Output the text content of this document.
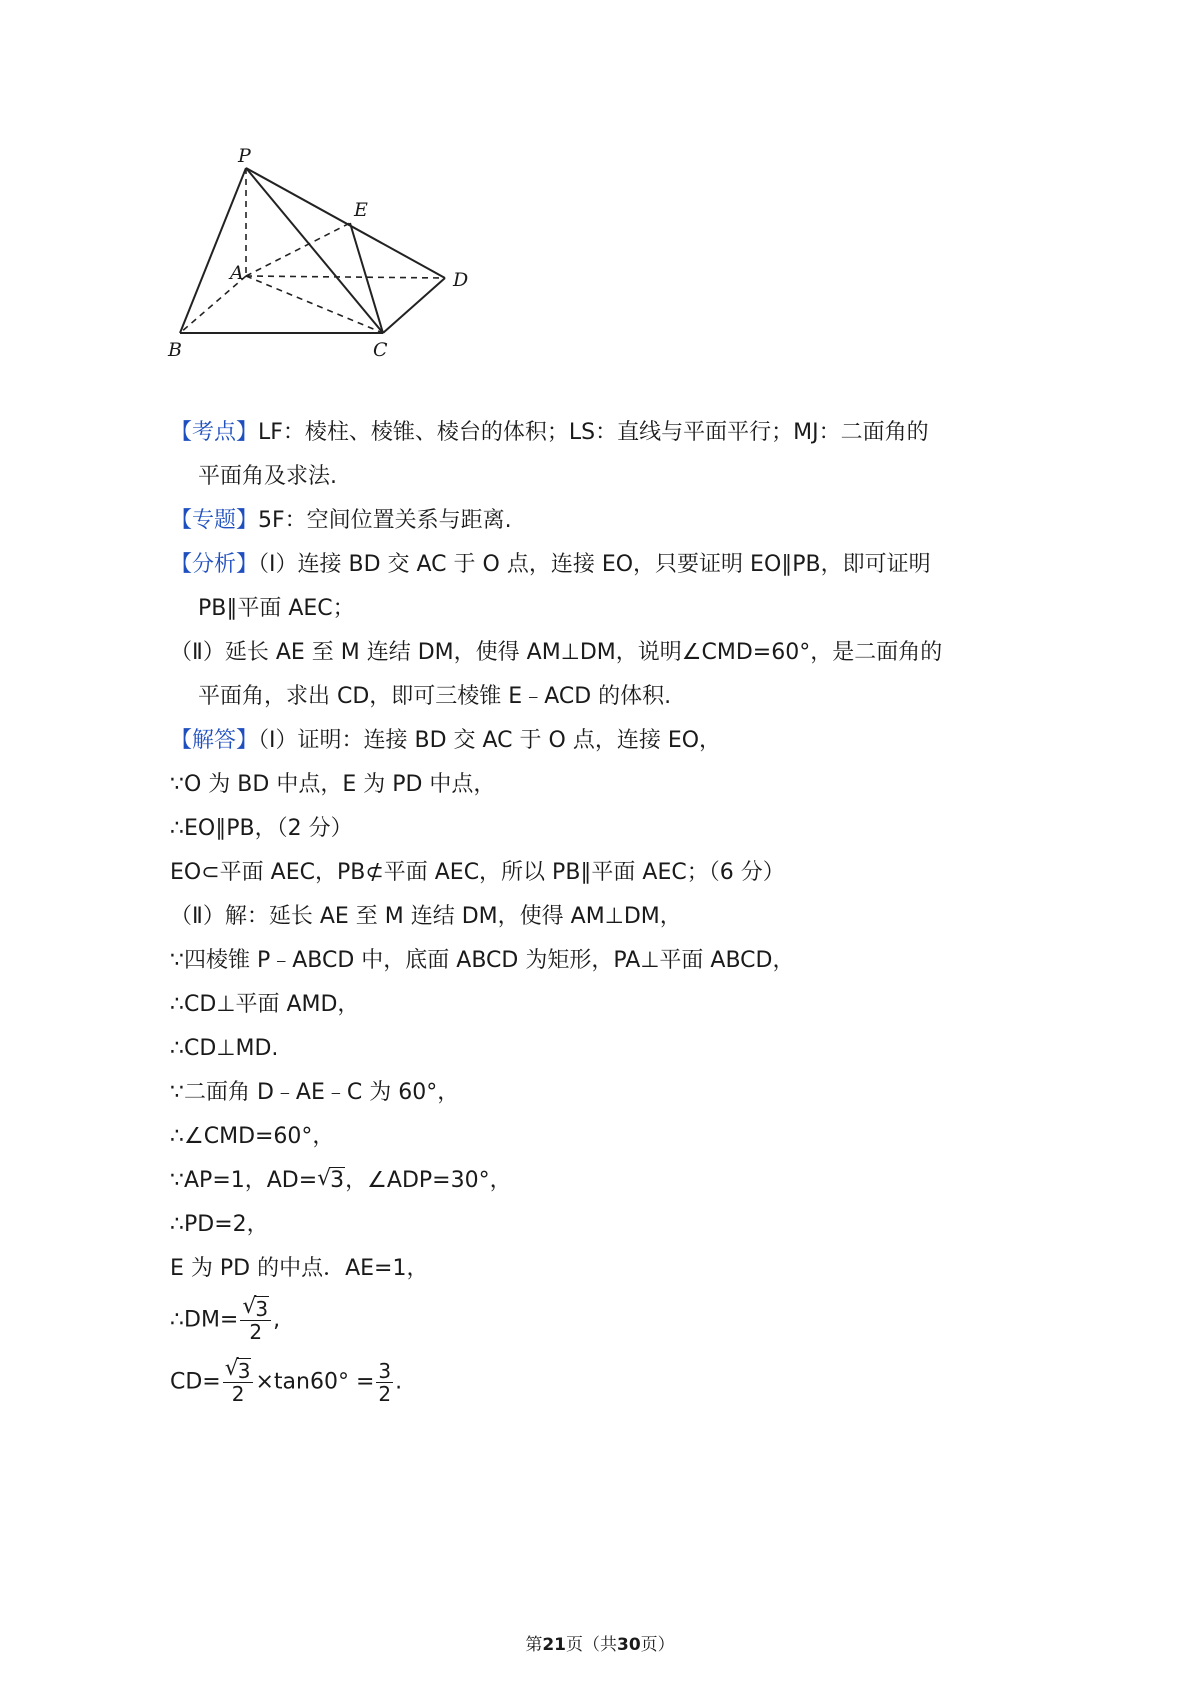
P
E
A	D
B	C
【考点】LF：棱柱、棱锥、棱台的体积；LS：直线与平面平行；MJ：二面角的
平面角及求法.
【专题】5F：空间位置关系与距离.
【分析】（Ⅰ）连接 BD 交 AC 于 O 点，连接 EO，只要证明 EO∥PB，即可证明
PB∥平面 AEC；
（Ⅱ）延长 AE 至 M 连结 DM，使得 AM⊥DM，说明∠CMD=60°，是二面角的
平面角，求出 CD，即可三棱锥 E﹣ACD 的体积.
【解答】（Ⅰ）证明：连接 BD 交 AC 于 O 点，连接 EO，
∵O 为 BD 中点，E 为 PD 中点，
∴EO∥PB，（2 分）
EO⊂平面 AEC，PB⊄平面 AEC，所以 PB∥平面 AEC；（6 分）
（Ⅱ）解：延长 AE 至 M 连结 DM，使得 AM⊥DM，
∵四棱锥 P﹣ABCD 中，底面 ABCD 为矩形，PA⊥平面 ABCD，
∴CD⊥平面 AMD，
∴CD⊥MD.
∵二面角 D﹣AE﹣C 为 60°，
∴∠CMD=60°，
∵AP=1，AD= √
3，∠ADP=30°，
∴PD=2，
E 为 PD 的中点．AE=1，
∴DM= √
3
2 ,
CD= √
3
$2 \times\tan 60^\circ = \frac{3}{2}$ .
第21页（共30页）
